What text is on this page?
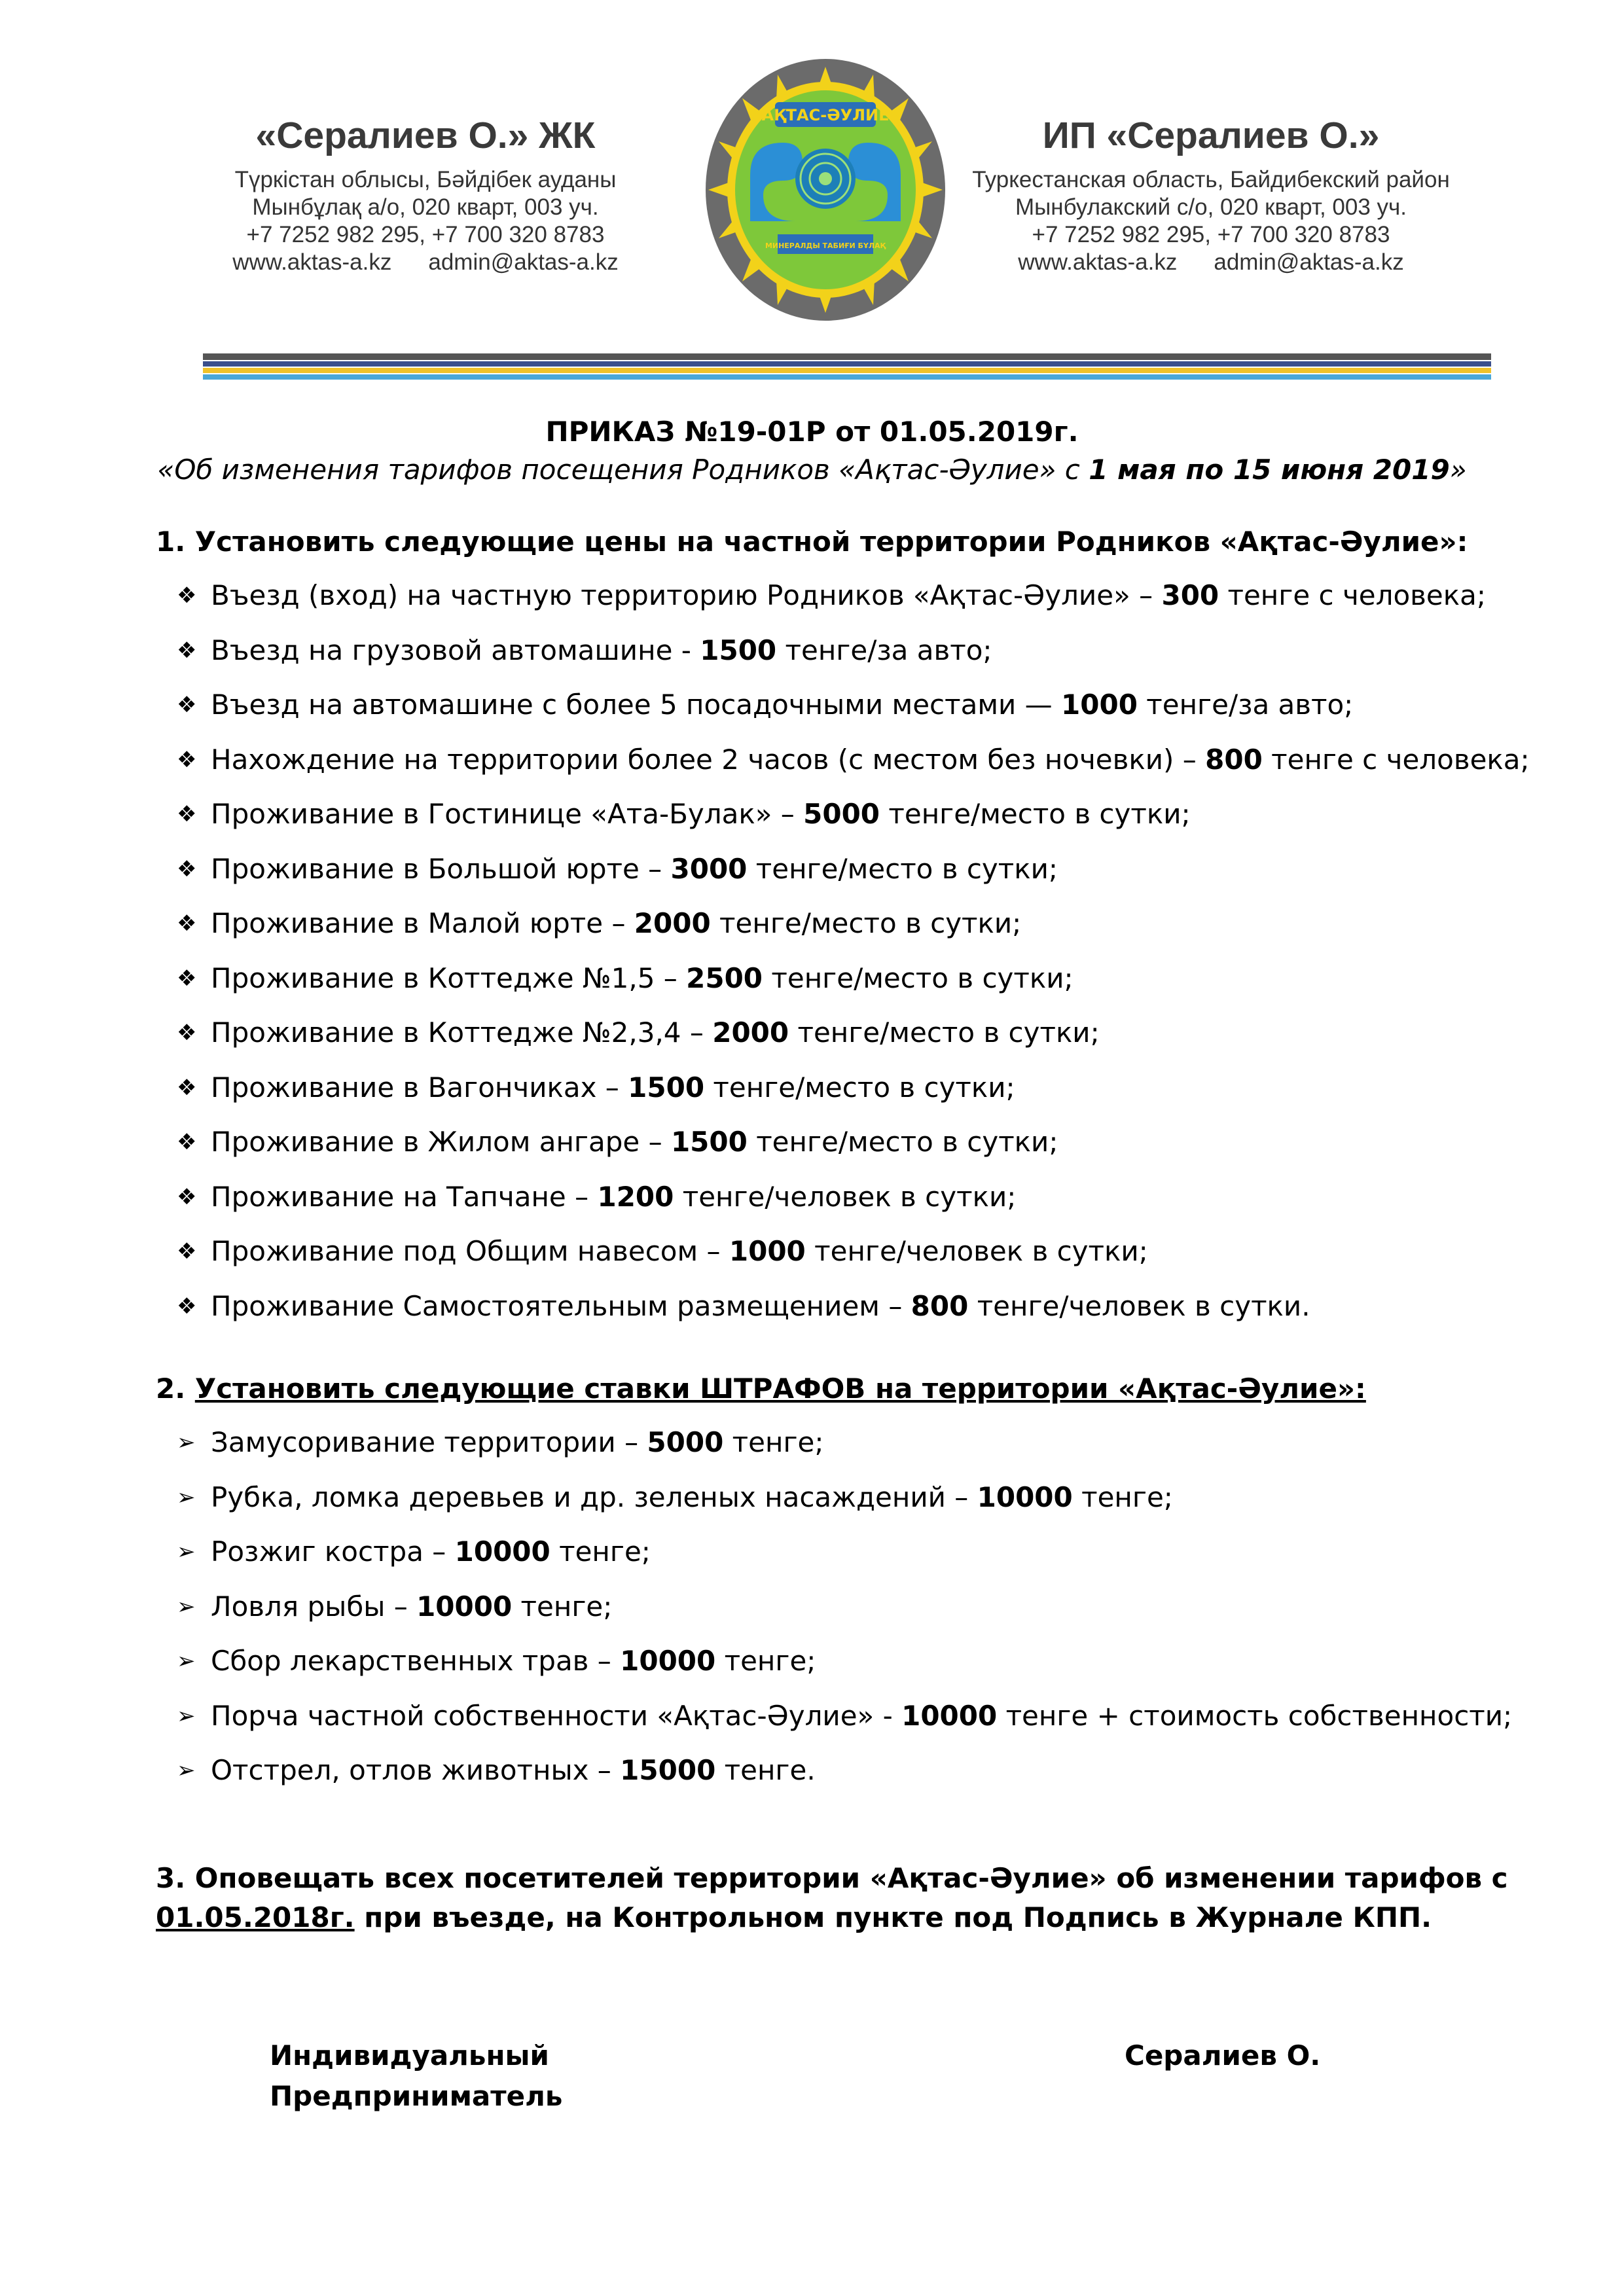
«Сералиев О.» ЖК
Түркістан облысы, Бәйдібек ауданы
Мынбұлақ а/о, 020 кварт, 003 уч.
+7 7252 982 295, +7 700 320 8783
www.aktas-a.kz admin@aktas-a.kz
АҚТАС-ӘУЛИЕ
МИНЕРАЛДЫ ТАБИҒИ БҰЛАҚ
ИП «Сералиев О.»
Туркестанская область, Байдибекский район
Мынбулакский с/о, 020 кварт, 003 уч.
+7 7252 982 295, +7 700 320 8783
www.aktas-a.kz admin@aktas-a.kz
ПРИКАЗ №19-01Р от 01.05.2019г.
«Об изменения тарифов посещения Родников «Ақтас-Әулие» с 1 мая по 15 июня 2019»
1. Установить следующие цены на частной территории Родников «Ақтас-Әулие»:
❖ Въезд (вход) на частную территорию Родников «Ақтас-Әулие» – 300 тенге с человека;
❖ Въезд на грузовой автомашине - 1500 тенге/за авто;
❖ Въезд на автомашине с более 5 посадочными местами — 1000 тенге/за авто;
❖ Нахождение на территории более 2 часов (с местом без ночевки) – 800 тенге с человека;
❖ Проживание в Гостинице «Ата-Булак» – 5000 тенге/место в сутки;
❖ Проживание в Большой юрте – 3000 тенге/место в сутки;
❖ Проживание в Малой юрте – 2000 тенге/место в сутки;
❖ Проживание в Коттедже №1,5 – 2500 тенге/место в сутки;
❖ Проживание в Коттедже №2,3,4 – 2000 тенге/место в сутки;
❖ Проживание в Вагончиках – 1500 тенге/место в сутки;
❖ Проживание в Жилом ангаре – 1500 тенге/место в сутки;
❖ Проживание на Тапчане – 1200 тенге/человек в сутки;
❖ Проживание под Общим навесом – 1000 тенге/человек в сутки;
❖ Проживание Самостоятельным размещением – 800 тенге/человек в сутки.
2. Установить следующие ставки ШТРАФОВ на территории «Ақтас-Әулие»:
➢ Замусоривание территории – 5000 тенге;
➢ Рубка, ломка деревьев и др. зеленых насаждений – 10000 тенге;
➢ Розжиг костра – 10000 тенге;
➢ Ловля рыбы – 10000 тенге;
➢ Сбор лекарственных трав – 10000 тенге;
➢ Порча частной собственности «Ақтас-Әулие» - 10000 тенге + стоимость собственности;
➢ Отстрел, отлов животных – 15000 тенге.
3. Оповещать всех посетителей территории «Ақтас-Әулие» об изменении тарифов с
01.05.2018г. при въезде, на Контрольном пункте под Подпись в Журнале КПП.
Индивидуальный
Предприниматель
Сералиев О.
